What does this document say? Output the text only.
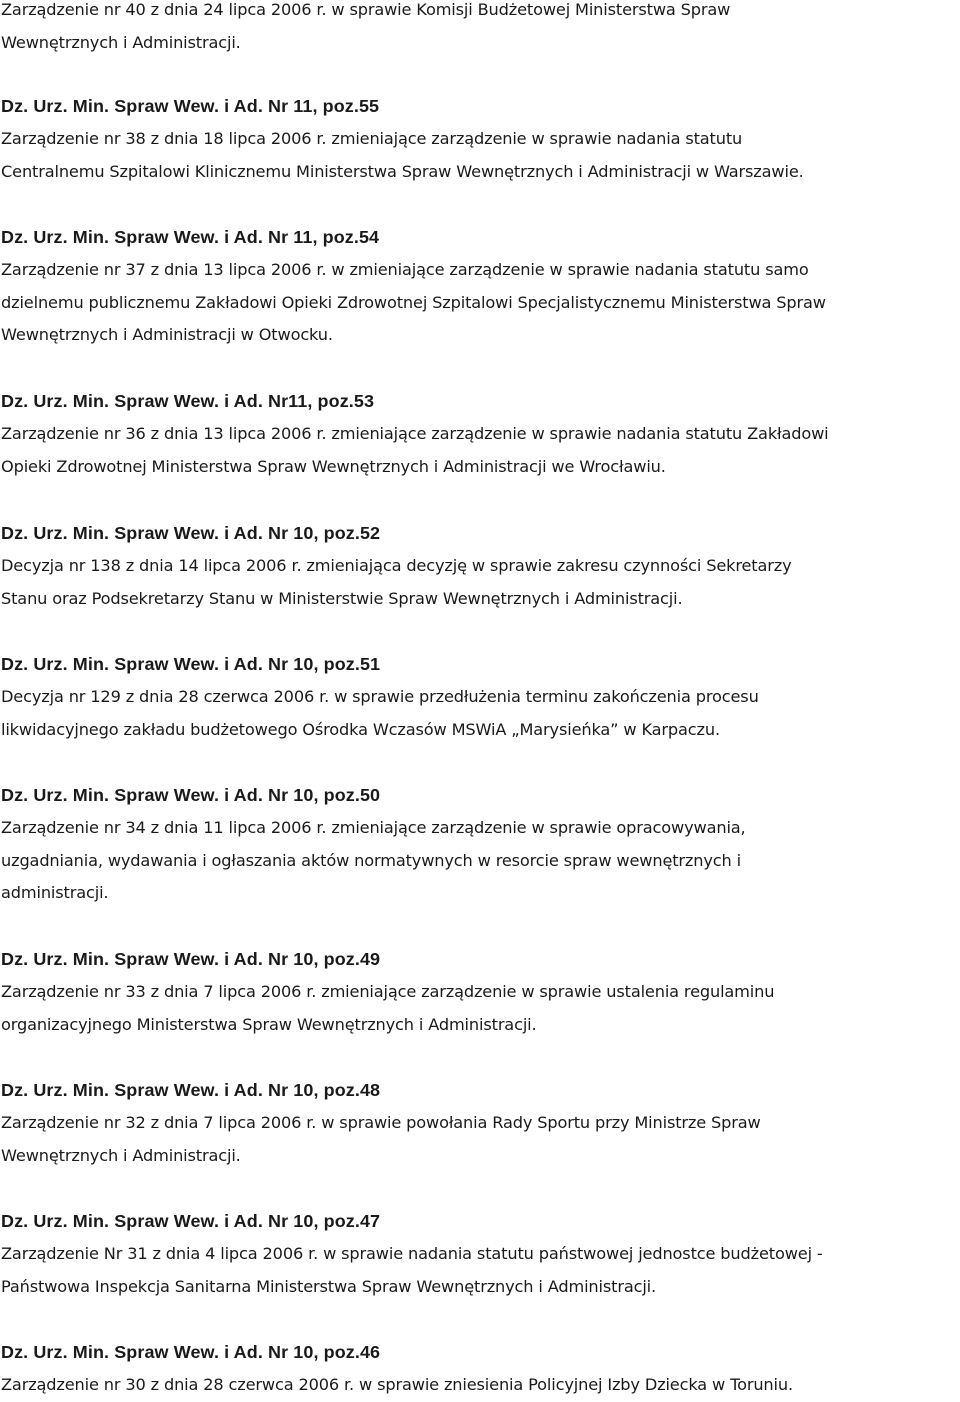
Zarządzenie nr 40 z dnia 24 lipca 2006 r. w sprawie Komisji Budżetowej Ministerstwa Spraw
Wewnętrznych i Administracji.
Dz. Urz. Min. Spraw Wew. i Ad. Nr 11, poz.55
Zarządzenie nr 38 z dnia 18 lipca 2006 r. zmieniające zarządzenie w sprawie nadania statutu
Centralnemu Szpitalowi Klinicznemu Ministerstwa Spraw Wewnętrznych i Administracji w Warszawie.
Dz. Urz. Min. Spraw Wew. i Ad. Nr 11, poz.54
Zarządzenie nr 37 z dnia 13 lipca 2006 r. w zmieniające zarządzenie w sprawie nadania statutu samo
dzielnemu publicznemu Zakładowi Opieki Zdrowotnej Szpitalowi Specjalistycznemu Ministerstwa Spraw
Wewnętrznych i Administracji w Otwocku.
Dz. Urz. Min. Spraw Wew. i Ad. Nr11, poz.53
Zarządzenie nr 36 z dnia 13 lipca 2006 r. zmieniające zarządzenie w sprawie nadania statutu Zakładowi
Opieki Zdrowotnej Ministerstwa Spraw Wewnętrznych i Administracji we Wrocławiu.
Dz. Urz. Min. Spraw Wew. i Ad. Nr 10, poz.52
Decyzja nr 138 z dnia 14 lipca 2006 r. zmieniająca decyzję w sprawie zakresu czynności Sekretarzy
Stanu oraz Podsekretarzy Stanu w Ministerstwie Spraw Wewnętrznych i Administracji.
Dz. Urz. Min. Spraw Wew. i Ad. Nr 10, poz.51
Decyzja nr 129 z dnia 28 czerwca 2006 r. w sprawie przedłużenia terminu zakończenia procesu
likwidacyjnego zakładu budżetowego Ośrodka Wczasów MSWiA „Marysieńka” w Karpaczu.
Dz. Urz. Min. Spraw Wew. i Ad. Nr 10, poz.50
Zarządzenie nr 34 z dnia 11 lipca 2006 r. zmieniające zarządzenie w sprawie opracowywania,
uzgadniania, wydawania i ogłaszania aktów normatywnych w resorcie spraw wewnętrznych i
administracji.
Dz. Urz. Min. Spraw Wew. i Ad. Nr 10, poz.49
Zarządzenie nr 33 z dnia 7 lipca 2006 r. zmieniające zarządzenie w sprawie ustalenia regulaminu
organizacyjnego Ministerstwa Spraw Wewnętrznych i Administracji.
Dz. Urz. Min. Spraw Wew. i Ad. Nr 10, poz.48
Zarządzenie nr 32 z dnia 7 lipca 2006 r. w sprawie powołania Rady Sportu przy Ministrze Spraw
Wewnętrznych i Administracji.
Dz. Urz. Min. Spraw Wew. i Ad. Nr 10, poz.47
Zarządzenie Nr 31 z dnia 4 lipca 2006 r. w sprawie nadania statutu państwowej jednostce budżetowej -
Państwowa Inspekcja Sanitarna Ministerstwa Spraw Wewnętrznych i Administracji.
Dz. Urz. Min. Spraw Wew. i Ad. Nr 10, poz.46
Zarządzenie nr 30 z dnia 28 czerwca 2006 r. w sprawie zniesienia Policyjnej Izby Dziecka w Toruniu.
